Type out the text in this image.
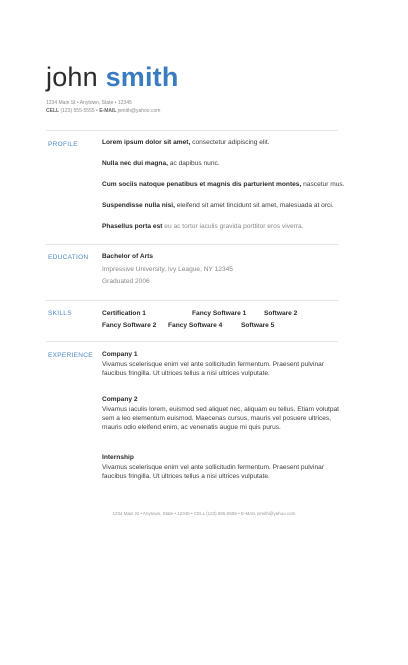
john smith
1234 Main St • Anytown, State • 12345
CELL (123) 555-5555 • E-MAIL jsmith@yahoo.com
PROFILE	Lorem ipsum dolor sit amet, consectetur adipiscing elit.
Nulla nec dui magna, ac dapibus nunc.
Cum sociis natoque penatibus et magnis dis parturient montes, nascetur mus.
Suspendisse nulla nisi, eleifend sit amet tincidunt sit amet, malesuada at orci.
Phasellus porta est eu ac tortor iaculis gravida porttitor eros viverra.
EDUCATION Bachelor of Arts
Impressive University, Ivy League, NY 12345
Graduated 2006
SKILLS	Certification 1	Fancy Software 1	Software 2
Fancy Software 2 Fancy Software 4	Software 5
EXPERIENCE Company 1
Vivamus scelerisque enim vel ante sollicitudin fermentum. Praesent pulvinar faucibus fringilla. Ut ultrices tellus a nisi ultrices vulputate.
Company 2
Vivamus iaculis lorem, euismod sed aliquet nec, aliquam eu tellus. Etiam volutpat sem a leo elementum euismod. Maecenas cursus, mauris vel posuere ultrices, mauris odio eleifend enim, ac venenatis augue mi quis purus.
Internship
Vivamus scelerisque enim vel ante sollicitudin fermentum. Praesent pulvinar faucibus fringilla. Ut ultrices tellus a nisi ultrices vulputate.
1234 Main St • Anytown, State • 12345 • CELL (123) 555-5555 • E-MAIL jsmith@yahoo.com
